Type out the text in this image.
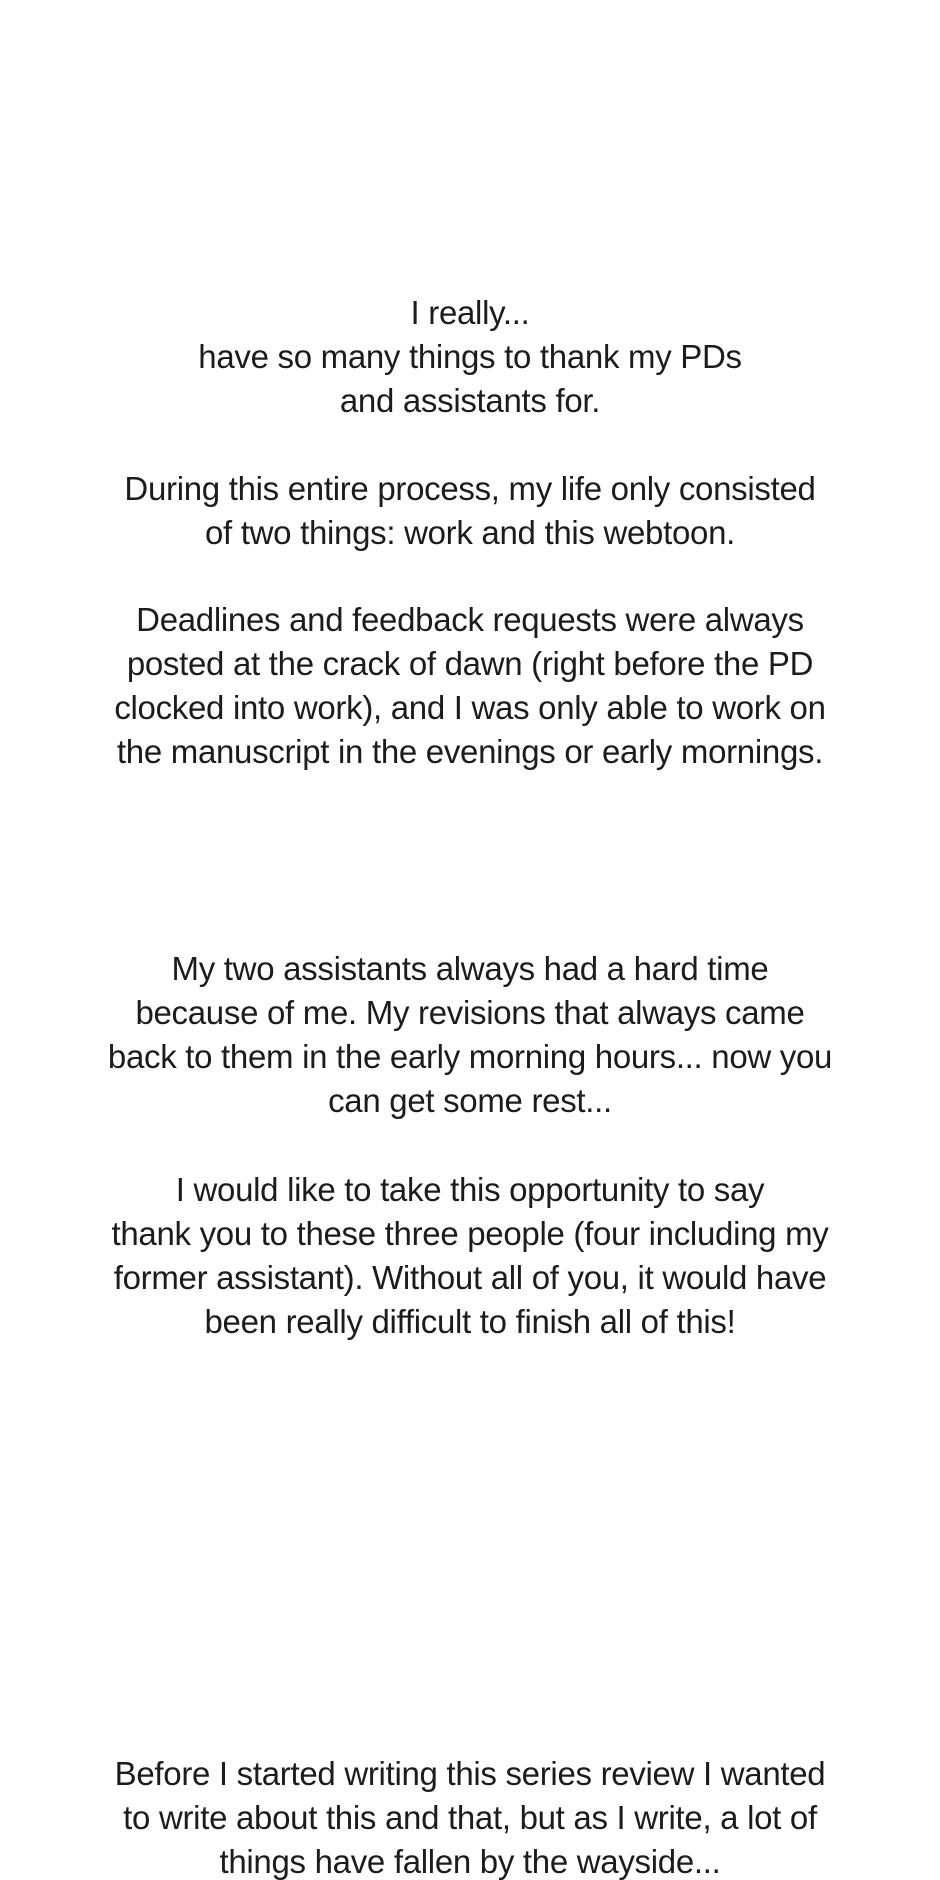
I really...
have so many things to thank my PDs
and assistants for.
During this entire process, my life only consisted
of two things: work and this webtoon.
Deadlines and feedback requests were always
posted at the crack of dawn (right before the PD
clocked into work), and I was only able to work on
the manuscript in the evenings or early mornings.
My two assistants always had a hard time
because of me. My revisions that always came
back to them in the early morning hours... now you
can get some rest...
I would like to take this opportunity to say
thank you to these three people (four including my
former assistant). Without all of you, it would have
been really difficult to finish all of this!
Before I started writing this series review I wanted
to write about this and that, but as I write, a lot of
things have fallen by the wayside...
